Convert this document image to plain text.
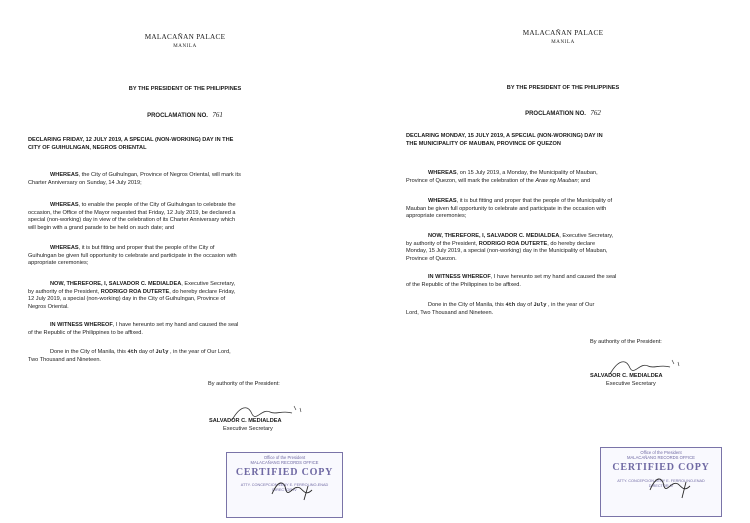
MALACAÑAN PALACE
MANILA
BY THE PRESIDENT OF THE PHILIPPINES
PROCLAMATION NO. 761
DECLARING FRIDAY, 12 JULY 2019, A SPECIAL (NON-WORKING) DAY IN THE
CITY OF GUIHULNGAN, NEGROS ORIENTAL
WHEREAS, the City of Guihulngan, Province of Negros Oriental, will mark its
Charter Anniversary on Sunday, 14 July 2019;
WHEREAS, to enable the people of the City of Guihulngan to celebrate the
occasion, the Office of the Mayor requested that Friday, 12 July 2019, be declared a
special (non-working) day in view of the celebration of its Charter Anniversary which
will begin with a grand parade to be held on such date; and
WHEREAS, it is but fitting and proper that the people of the City of
Guihulngan be given full opportunity to celebrate and participate in the occasion with
appropriate ceremonies;
NOW, THEREFORE, I, SALVADOR C. MEDIALDEA, Executive Secretary,
by authority of the President, RODRIGO ROA DUTERTE, do hereby declare Friday,
12 July 2019, a special (non-working) day in the City of Guihulngan, Province of
Negros Oriental.
IN WITNESS WHEREOF, I have hereunto set my hand and caused the seal
of the Republic of the Philippines to be affixed.
Done in the City of Manila, this 4th day of July , in the year of Our Lord,
Two Thousand and Nineteen.
By authority of the President:
SALVADOR C. MEDIALDEA
Executive Secretary
Office of the President
MALACAÑANG RECORDS OFFICE
CERTIFIED COPY
ATTY. CONCEPCION ZENY E. FERROLINO-ENAD
DIRECTOR IV
MALACAÑAN PALACE
MANILA
BY THE PRESIDENT OF THE PHILIPPINES
PROCLAMATION NO. 762
DECLARING MONDAY, 15 JULY 2019, A SPECIAL (NON-WORKING) DAY IN
THE MUNICIPALITY OF MAUBAN, PROVINCE OF QUEZON
WHEREAS, on 15 July 2019, a Monday, the Municipality of Mauban,
Province of Quezon, will mark the celebration of the Araw ng Mauban; and
WHEREAS, it is but fitting and proper that the people of the Municipality of
Mauban be given full opportunity to celebrate and participate in the occasion with
appropriate ceremonies;
NOW, THEREFORE, I, SALVADOR C. MEDIALDEA, Executive Secretary,
by authority of the President, RODRIGO ROA DUTERTE, do hereby declare
Monday, 15 July 2019, a special (non-working) day in the Municipality of Mauban,
Province of Quezon.
IN WITNESS WHEREOF, I have hereunto set my hand and caused the seal
of the Republic of the Philippines to be affixed.
Done in the City of Manila, this 4th day of July , in the year of Our
Lord, Two Thousand and Nineteen.
By authority of the President:
SALVADOR C. MEDIALDEA
Executive Secretary
Office of the President
MALACAÑANG RECORDS OFFICE
CERTIFIED COPY
ATTY. CONCEPCION ZENY E. FERROLINO-ENAD
DIRECTOR IV
